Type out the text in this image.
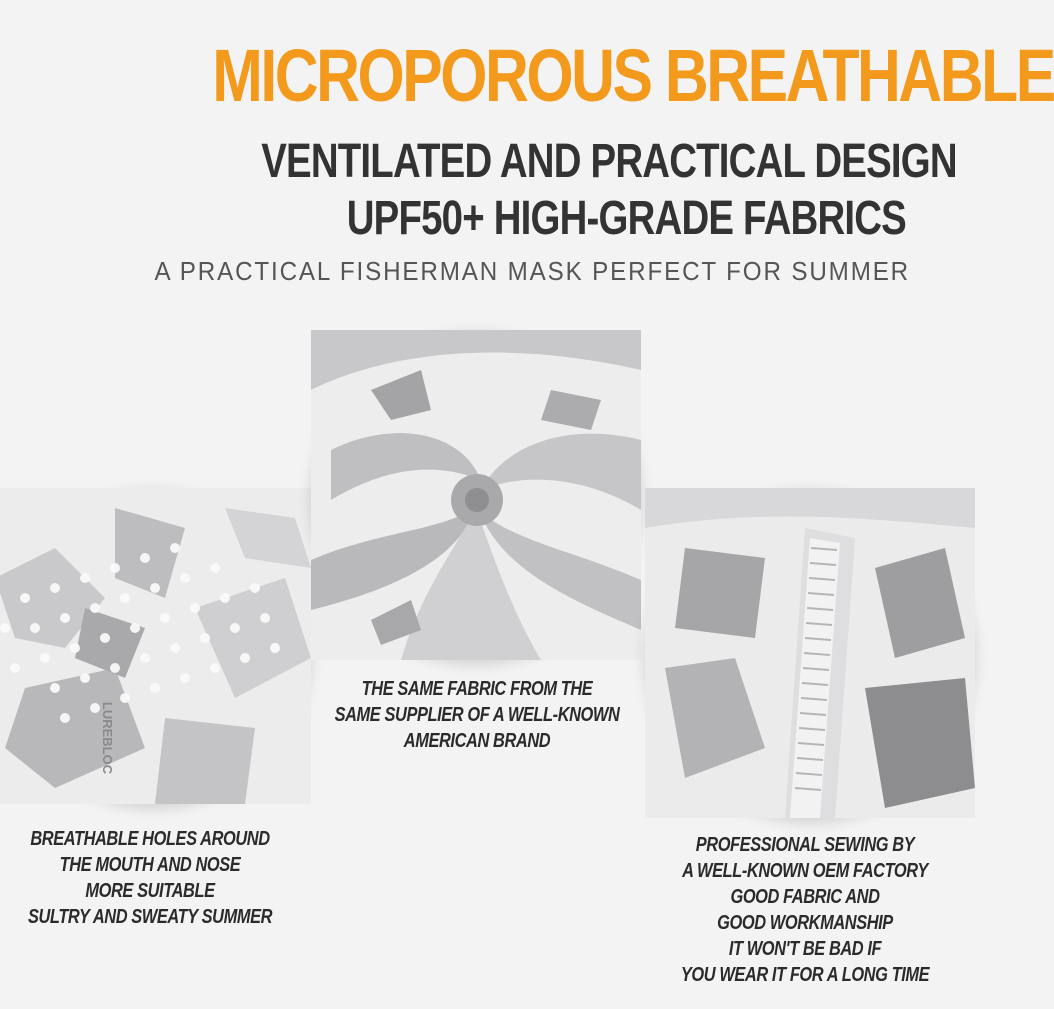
MICROPOROUS BREATHABLE
VENTILATED AND PRACTICAL DESIGN
UPF50+ HIGH-GRADE FABRICS
A PRACTICAL FISHERMAN MASK PERFECT FOR SUMMER
LUREBLOC
BREATHABLE HOLES AROUND
THE MOUTH AND NOSE
MORE SUITABLE
SULTRY AND SWEATY SUMMER
THE SAME FABRIC FROM THE
SAME SUPPLIER OF A WELL-KNOWN
AMERICAN BRAND
PROFESSIONAL SEWING BY
A WELL-KNOWN OEM FACTORY
GOOD FABRIC AND
GOOD WORKMANSHIP
IT WON'T BE BAD IF
YOU WEAR IT FOR A LONG TIME
